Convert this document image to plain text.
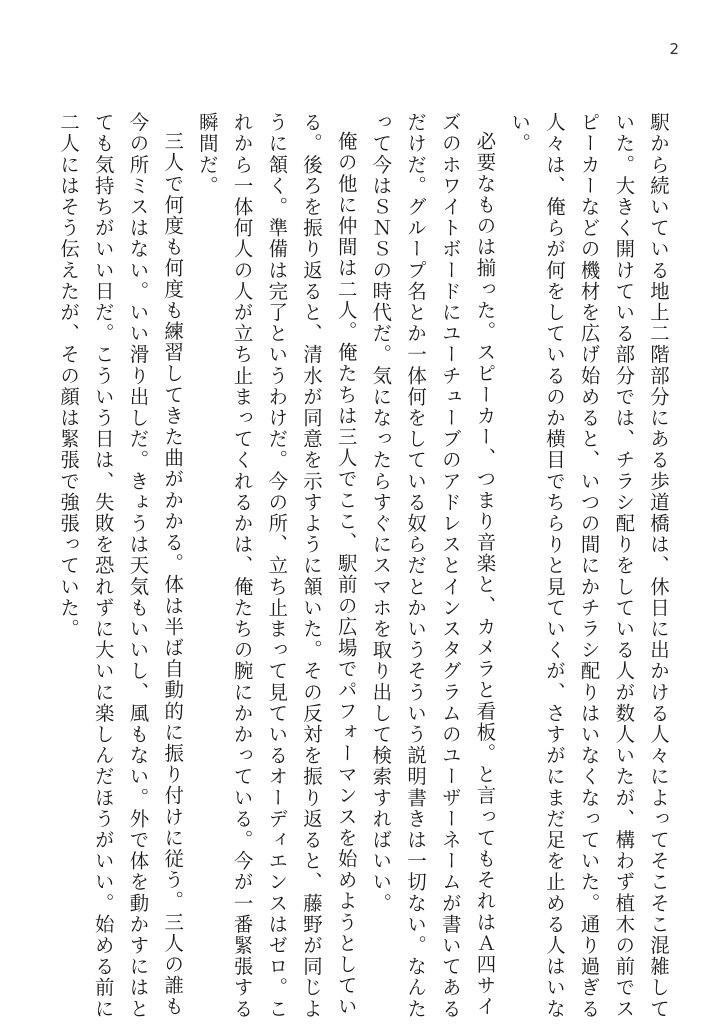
2

駅から続いている地上二階部分にある歩道橋は、休日に出かける人々によってそこそこ混雑していた。大きく開けている部分では、チラシ配りをしている人が数人いたが、構わず植木の前でスピーカーなどの機材を広げ始めると、いつの間にかチラシ配りはいなくなっていた。通り過ぎる人々は、俺らが何をしているのか横目でちらりと見ていくが、さすがにまだ足を止める人はいない。

必要なものは揃った。スピーカー、つまり音楽と、カメラと看板。と言ってもそれはＡ四サイズのホワイトボードにユーチューブのアドレスとインスタグラムのユーザーネームが書いてあるだけだ。グループ名とか一体何をしている奴らだとかいうそういう説明書きは一切ない。なんたって今はＳＮＳの時代だ。気になったらすぐにスマホを取り出して検索すればいい。

俺の他に仲間は二人。俺たちは三人でここ、駅前の広場でパフォーマンスを始めようとしている。後ろを振り返ると、清水が同意を示すように頷いた。その反対を振り返ると、藤野が同じように頷く。準備は完了というわけだ。今の所、立ち止まって見ているオーディエンスはゼロ。これから一体何人の人が立ち止まってくれるかは、俺たちの腕にかかっている。今が一番緊張する瞬間だ。

三人で何度も何度も練習してきた曲がかかる。体は半ば自動的に振り付けに従う。三人の誰も今の所ミスはない。いい滑り出しだ。きょうは天気もいいし、風もない。外で体を動かすにはとても気持ちがいい日だ。こういう日は、失敗を恐れずに大いに楽しんだほうがいい。始める前に二人にはそう伝えたが、その顔は緊張で強張っていた。
